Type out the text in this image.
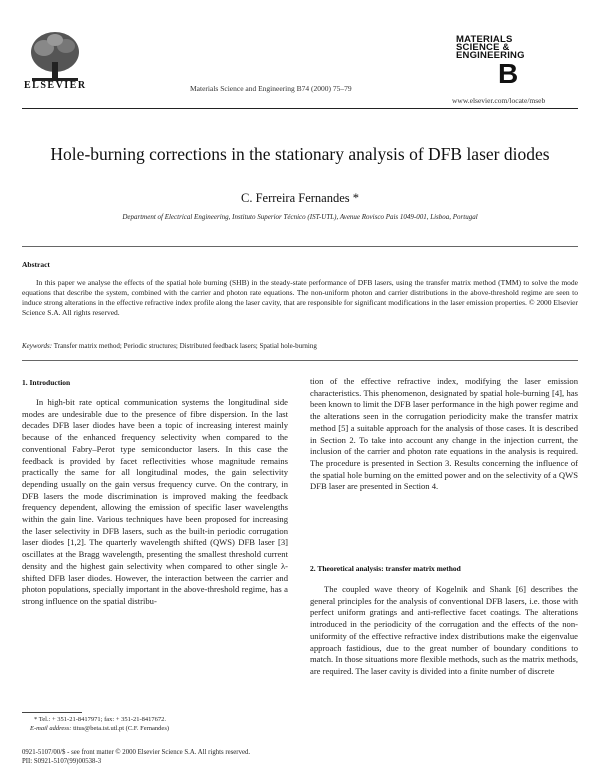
ELSEVIER	Materials Science and Engineering B74 (2000) 75–79
MATERIALS
SCIENCE &
ENGINEERING
B
www.elsevier.com/locate/mseb
Hole-burning corrections in the stationary analysis of DFB laser diodes
C. Ferreira Fernandes *
Department of Electrical Engineering, Instituto Superior Técnico (IST-UTL), Avenue Rovisco Pais 1049-001, Lisboa, Portugal
Abstract
In this paper we analyse the effects of the spatial hole burning (SHB) in the steady-state performance of DFB lasers, using the transfer matrix method (TMM) to solve the mode equations that describe the system, combined with the carrier and photon rate equations. The non-uniform photon and carrier distributions in the above-threshold regime are seen to induce strong alterations in the effective refractive index profile along the laser cavity, that are responsible for significant modifications in the laser emission properties. © 2000 Elsevier Science S.A. All rights reserved.
Keywords: Transfer matrix method; Periodic structures; Distributed feedback lasers; Spatial hole-burning
1. Introduction
In high-bit rate optical communication systems the longitudinal side modes are undesirable due to the presence of fibre dispersion. In the last decades DFB laser diodes have been a topic of increasing interest mainly because of the enhanced frequency selectivity when compared to the conventional Fabry–Perot type semiconductor lasers. In this case the feedback is provided by facet reflectivities whose magnitude remains practically the same for all longitudinal modes, the gain selectivity depending usually on the gain versus frequency curve. On the contrary, in DFB lasers the mode discrimination is improved making the feedback frequency dependent, allowing the emission of specific laser wavelengths within the gain line. Various techniques have been proposed for increasing the laser selectivity in DFB lasers, such as the built-in periodic corrugation laser diodes [1,2]. The quarterly wavelength shifted (QWS) DFB laser [3] oscillates at the Bragg wavelength, presenting the smallest threshold current density and the highest gain selectivity when compared to other single λ-shifted DFB laser diodes. However, the interaction between the carrier and photon populations, specially important in the above-threshold regime, has a strong influence on the spatial distribu-
* Tel.: + 351-21-8417971; fax: + 351-21-8417672.
E-mail address: titus@beta.ist.utl.pt (C.F. Fernandes)
tion of the effective refractive index, modifying the laser emission characteristics. This phenomenon, designated by spatial hole-burning [4], has been known to limit the DFB laser performance in the high power regime and the alterations seen in the corrugation periodicity make the transfer matrix method [5] a suitable approach for the analysis of those cases. It is described in Section 2. To take into account any change in the injection current, the inclusion of the carrier and photon rate equations in the analysis is required. The procedure is presented in Section 3. Results concerning the influence of the spatial hole burning on the emitted power and on the selectivity of a QWS DFB laser are presented in Section 4.
2. Theoretical analysis: transfer matrix method
The coupled wave theory of Kogelnik and Shank [6] describes the general principles for the analysis of conventional DFB lasers, i.e. those with perfect uniform gratings and anti-reflective facet coatings. The alterations introduced in the periodicity of the corrugation and the effects of the non-uniformity of the effective refractive index distributions make the eigenvalue approach fastidious, due to the great number of boundary conditions to match. In those situations more flexible methods, such as the matrix methods, are required. The laser cavity is divided into a finite number of discrete
0921-5107/00/$ - see front matter © 2000 Elsevier Science S.A. All rights reserved.
PII: S0921-5107(99)00538-3
